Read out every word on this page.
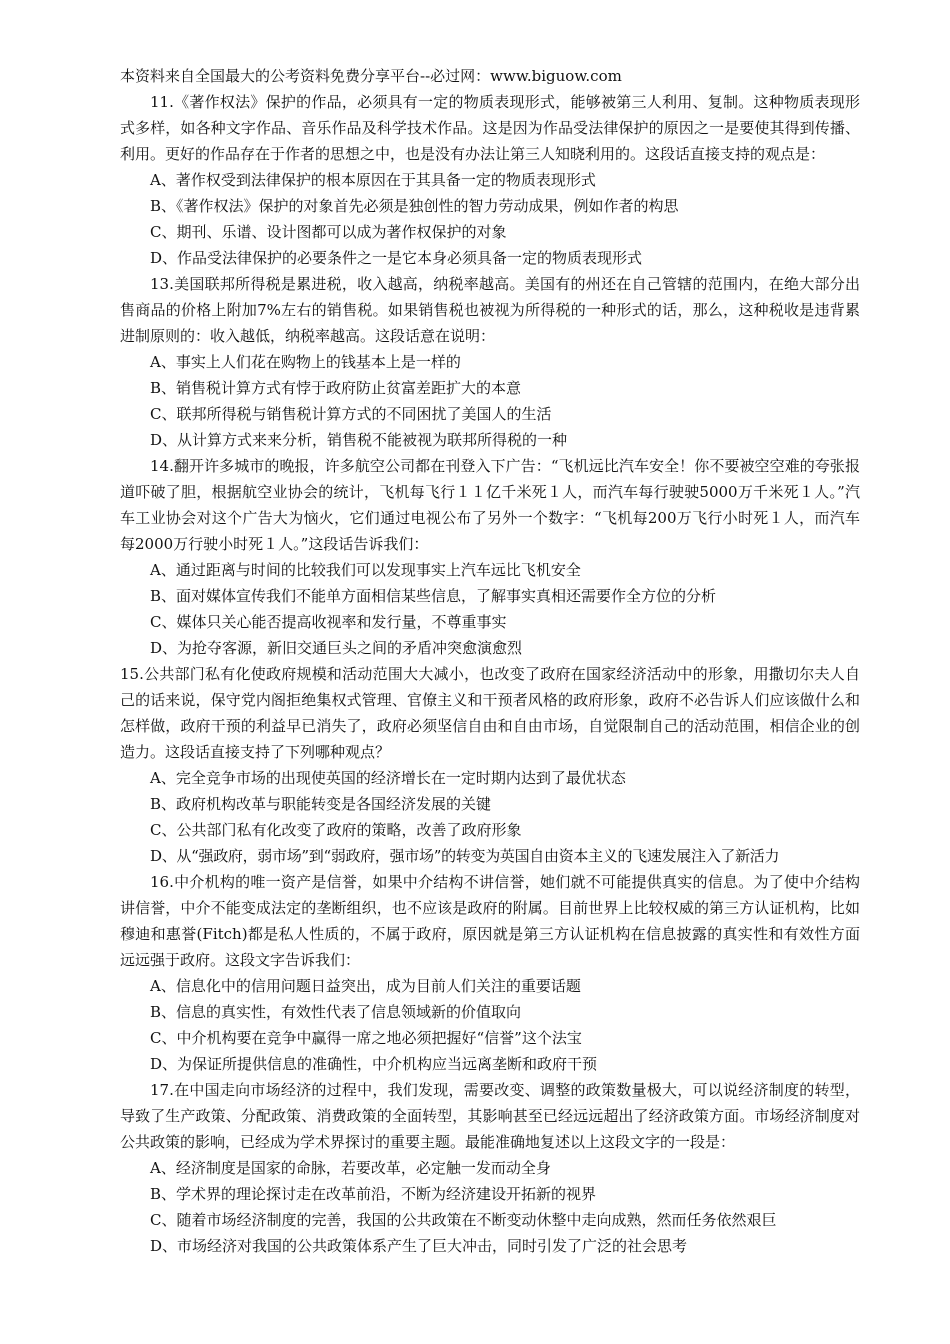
本资料来自全国最大的公考资料免费分享平台--必过网：www.biguow.com
11.《著作权法》保护的作品，必须具有一定的物质表现形式，能够被第三人利用、复制。这种物质表现形式多样，如各种文字作品、音乐作品及科学技术作品。这是因为作品受法律保护的原因之一是要使其得到传播、利用。更好的作品存在于作者的思想之中，也是没有办法让第三人知晓利用的。这段话直接支持的观点是：
A、著作权受到法律保护的根本原因在于其具备一定的物质表现形式
B、《著作权法》保护的对象首先必须是独创性的智力劳动成果，例如作者的构思
C、期刊、乐谱、设计图都可以成为著作权保护的对象
D、作品受法律保护的必要条件之一是它本身必须具备一定的物质表现形式
13.美国联邦所得税是累进税，收入越高，纳税率越高。美国有的州还在自己管辖的范围内，在绝大部分出售商品的价格上附加7%左右的销售税。如果销售税也被视为所得税的一种形式的话，那么，这种税收是违背累进制原则的：收入越低，纳税率越高。这段话意在说明：
A、事实上人们花在购物上的钱基本上是一样的
B、销售税计算方式有悖于政府防止贫富差距扩大的本意
C、联邦所得税与销售税计算方式的不同困扰了美国人的生活
D、从计算方式来来分析，销售税不能被视为联邦所得税的一种
14.翻开许多城市的晚报，许多航空公司都在刊登入下广告：“飞机远比汽车安全！你不要被空空难的夸张报道吓破了胆，根据航空业协会的统计，飞机每飞行１１亿千米死１人，而汽车每行驶驶5000万千米死１人。”汽车工业协会对这个广告大为恼火，它们通过电视公布了另外一个数字：“飞机每200万飞行小时死１人，而汽车每2000万行驶小时死１人。”这段话告诉我们：
A、通过距离与时间的比较我们可以发现事实上汽车远比飞机安全
B、面对媒体宣传我们不能单方面相信某些信息，了解事实真相还需要作全方位的分析
C、媒体只关心能否提高收视率和发行量，不尊重事实
D、为抢夺客源，新旧交通巨头之间的矛盾冲突愈演愈烈
15.公共部门私有化使政府规模和活动范围大大减小，也改变了政府在国家经济活动中的形象，用撒切尔夫人自己的话来说，保守党内阁拒绝集权式管理、官僚主义和干预者风格的政府形象，政府不必告诉人们应该做什么和怎样做，政府干预的利益早已消失了，政府必须坚信自由和自由市场，自觉限制自己的活动范围，相信企业的创造力。这段话直接支持了下列哪种观点？
A、完全竞争市场的出现使英国的经济增长在一定时期内达到了最优状态
B、政府机构改革与职能转变是各国经济发展的关键
C、公共部门私有化改变了政府的策略，改善了政府形象
D、从“强政府，弱市场”到“弱政府，强市场”的转变为英国自由资本主义的飞速发展注入了新活力
16.中介机构的唯一资产是信誉，如果中介结构不讲信誉，她们就不可能提供真实的信息。为了使中介结构讲信誉，中介不能变成法定的垄断组织，也不应该是政府的附属。目前世界上比较权威的第三方认证机构，比如穆迪和惠誉(Fitch)都是私人性质的，不属于政府，原因就是第三方认证机构在信息披露的真实性和有效性方面远远强于政府。这段文字告诉我们：
A、信息化中的信用问题日益突出，成为目前人们关注的重要话题
B、信息的真实性，有效性代表了信息领域新的价值取向
C、中介机构要在竞争中赢得一席之地必须把握好“信誉”这个法宝
D、为保证所提供信息的准确性，中介机构应当远离垄断和政府干预
17.在中国走向市场经济的过程中，我们发现，需要改变、调整的政策数量极大，可以说经济制度的转型，导致了生产政策、分配政策、消费政策的全面转型，其影响甚至已经远远超出了经济政策方面。市场经济制度对公共政策的影响，已经成为学术界探讨的重要主题。最能准确地复述以上这段文字的一段是：
A、经济制度是国家的命脉，若要改革，必定触一发而动全身
B、学术界的理论探讨走在改革前沿，不断为经济建设开拓新的视界
C、随着市场经济制度的完善，我国的公共政策在不断变动休整中走向成熟，然而任务依然艰巨
D、市场经济对我国的公共政策体系产生了巨大冲击，同时引发了广泛的社会思考
